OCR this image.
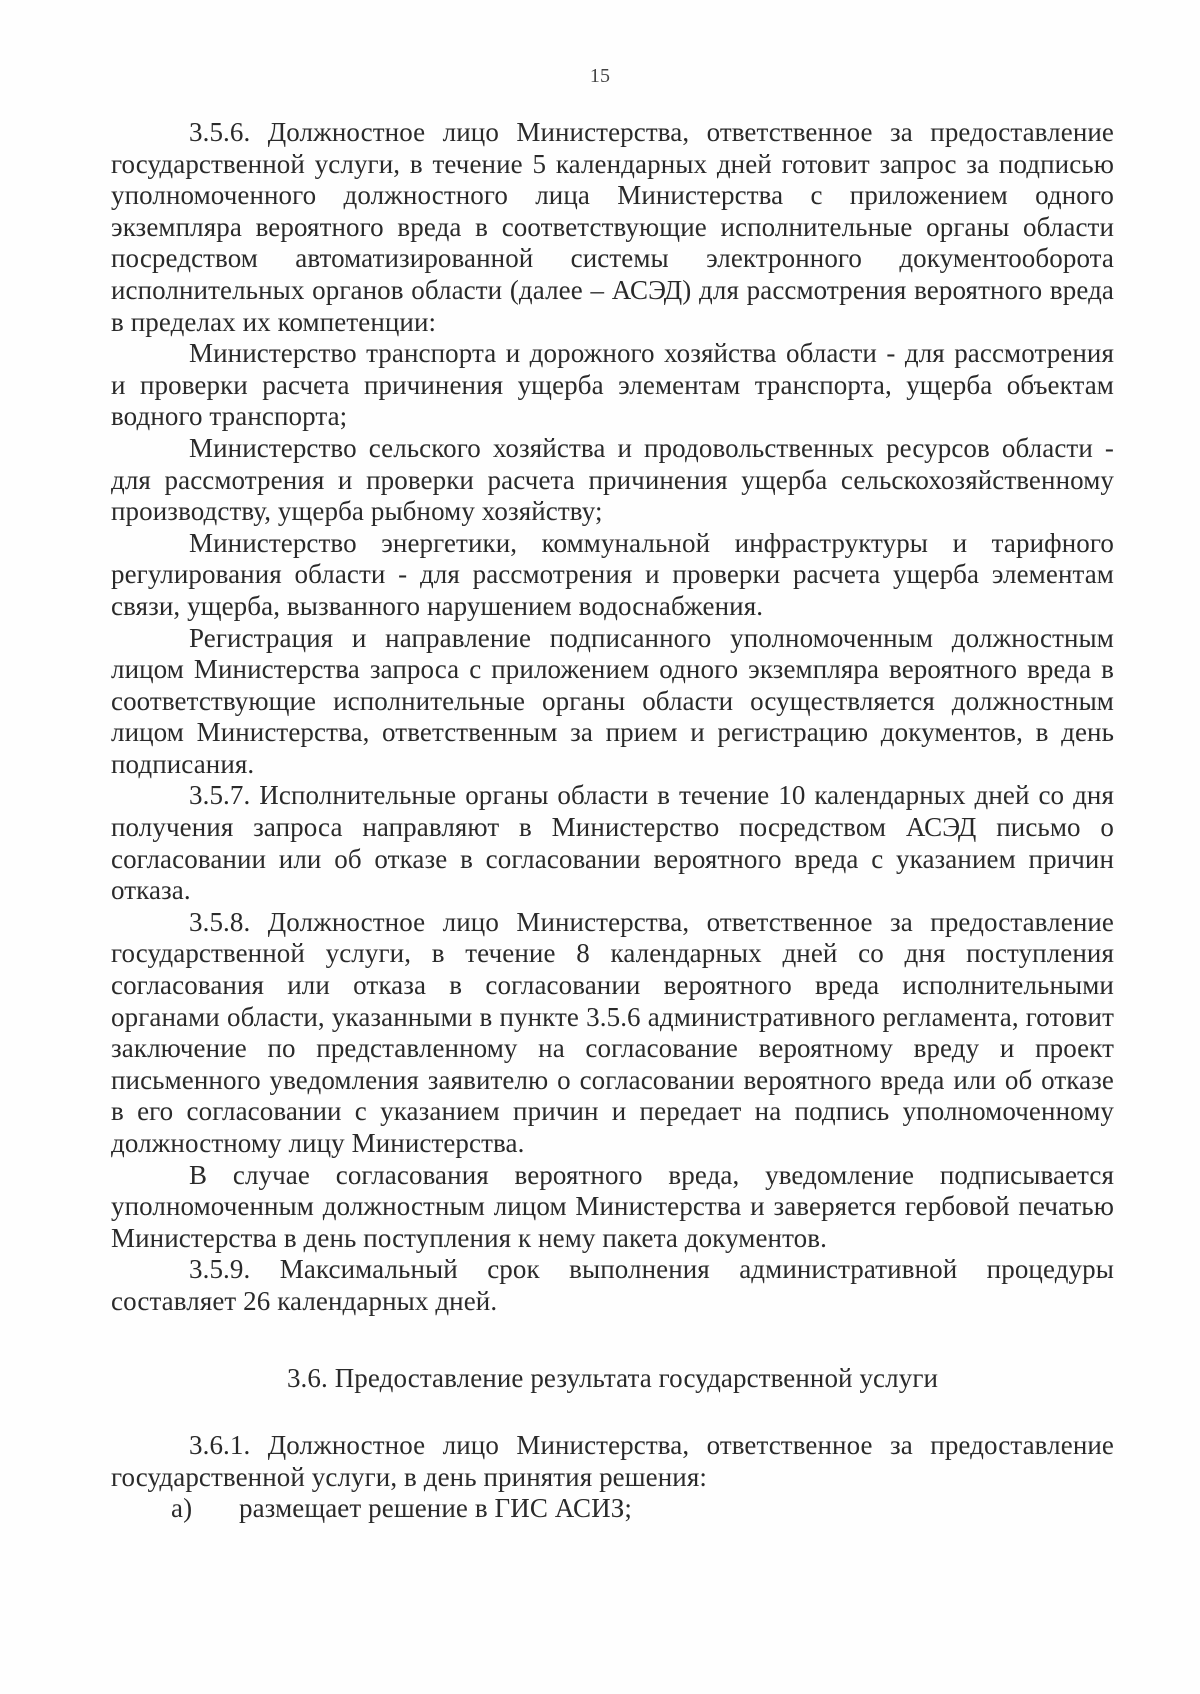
15

3.5.6. Должностное лицо Министерства, ответственное за предоставление государственной услуги, в течение 5 календарных дней готовит запрос за подписью уполномоченного должностного лица Министерства с приложением одного экземпляра вероятного вреда в соответствующие исполнительные органы области посредством автоматизированной системы электронного документооборота исполнительных органов области (далее – АСЭД) для рассмотрения вероятного вреда в пределах их компетенции:

Министерство транспорта и дорожного хозяйства области - для рассмотрения и проверки расчета причинения ущерба элементам транспорта, ущерба объектам водного транспорта;

Министерство сельского хозяйства и продовольственных ресурсов области - для рассмотрения и проверки расчета причинения ущерба сельскохозяйственному производству, ущерба рыбному хозяйству;

Министерство энергетики, коммунальной инфраструктуры и тарифного регулирования области - для рассмотрения и проверки расчета ущерба элементам связи, ущерба, вызванного нарушением водоснабжения.

Регистрация и направление подписанного уполномоченным должностным лицом Министерства запроса с приложением одного экземпляра вероятного вреда в соответствующие исполнительные органы области осуществляется должностным лицом Министерства, ответственным за прием и регистрацию документов, в день подписания.

3.5.7. Исполнительные органы области в течение 10 календарных дней со дня получения запроса направляют в Министерство посредством АСЭД письмо о согласовании или об отказе в согласовании вероятного вреда с указанием причин отказа.

3.5.8. Должностное лицо Министерства, ответственное за предоставление государственной услуги, в течение 8 календарных дней со дня поступления согласования или отказа в согласовании вероятного вреда исполнительными органами области, указанными в пункте 3.5.6 административного регламента, готовит заключение по представленному на согласование вероятному вреду и проект письменного уведомления заявителю о согласовании вероятного вреда или об отказе в его согласовании с указанием причин и передает на подпись уполномоченному должностному лицу Министерства.

В случае согласования вероятного вреда, уведомление подписывается уполномоченным должностным лицом Министерства и заверяется гербовой печатью Министерства в день поступления к нему пакета документов.

3.5.9. Максимальный срок выполнения административной процедуры составляет 26 календарных дней.

3.6. Предоставление результата государственной услуги

3.6.1. Должностное лицо Министерства, ответственное за предоставление государственной услуги, в день принятия решения:

а) размещает решение в ГИС АСИЗ;
